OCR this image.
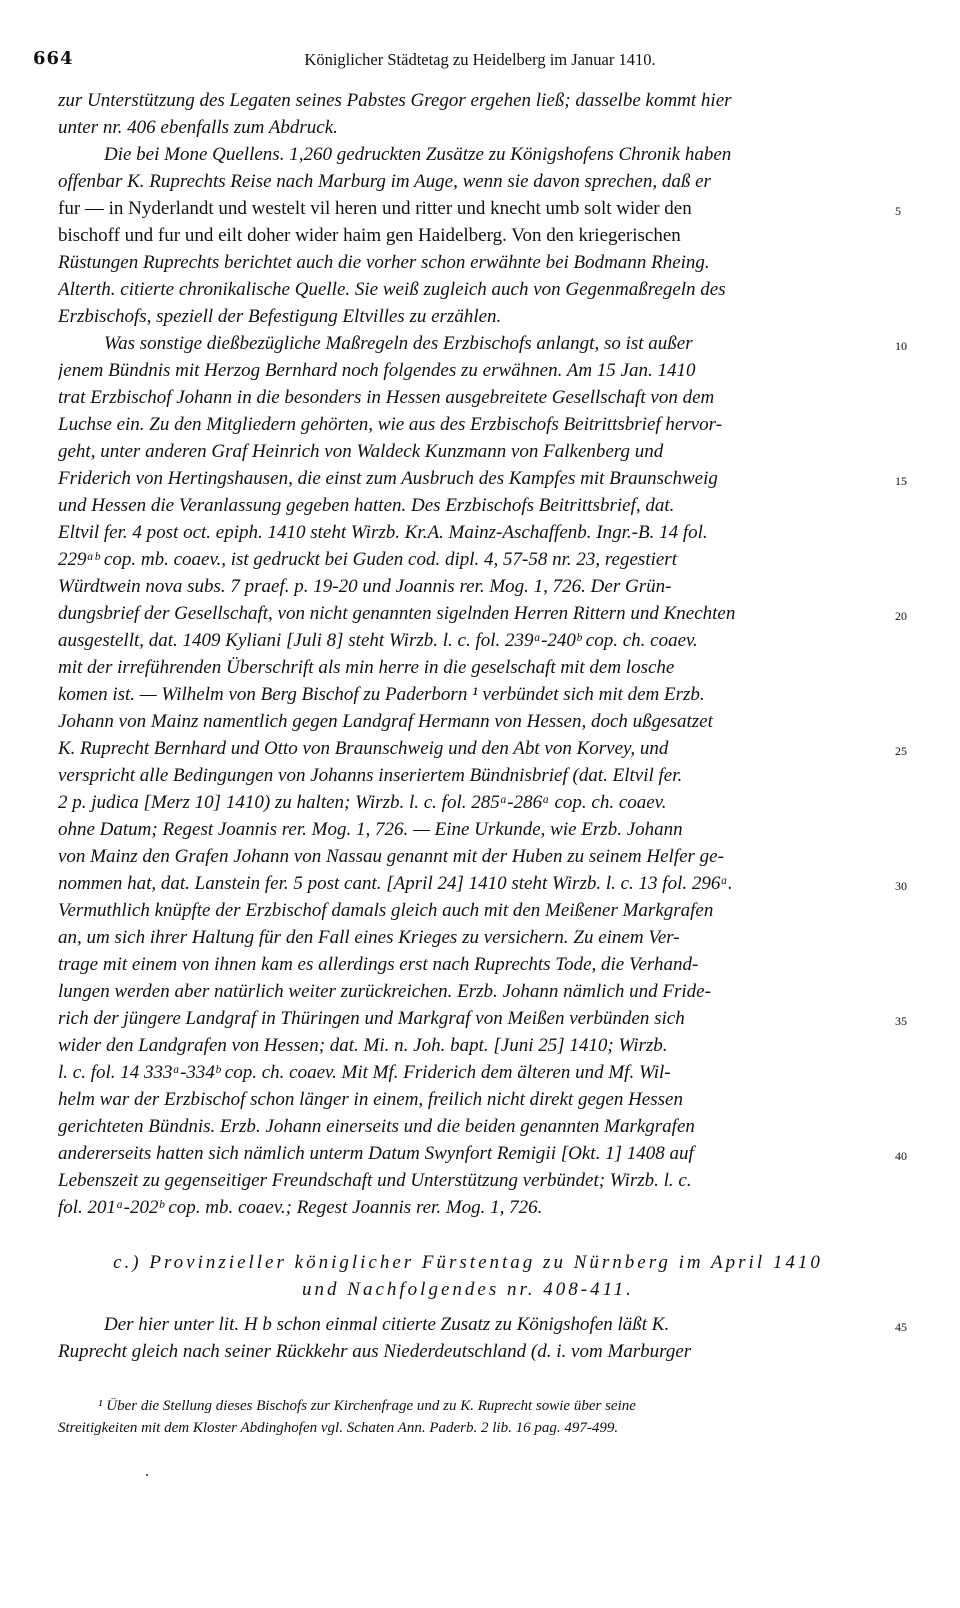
664	Königlicher Städtetag zu Heidelberg im Januar 1410.
zur Unterstützung des Legaten seines Pabstes Gregor ergehen ließ; dasselbe kommt hier
unter nr. 406 ebenfalls zum Abdruck.
Die bei Mone Quellens. 1,260 gedruckten Zusätze zu Königshofens Chronik haben
offenbar K. Ruprechts Reise nach Marburg im Auge, wenn sie davon sprechen, daß er
fur — in Nyderlandt und westelt vil heren und ritter und knecht umb solt wider den
bischoff und fur und eilt doher wider haim gen Haidelberg. Von den kriegerischen
Rüstungen Ruprechts berichtet auch die vorher schon erwähnte bei Bodmann Rheing.
Alterth. citierte chronikalische Quelle. Sie weiß zugleich auch von Gegenmaßregeln des
Erzbischofs, speziell der Befestigung Eltvilles zu erzählen.
Was sonstige dießbezügliche Maßregeln des Erzbischofs anlangt, so ist außer
jenem Bündnis mit Herzog Bernhard noch folgendes zu erwähnen. Am 15 Jan. 1410
trat Erzbischof Johann in die besonders in Hessen ausgebreitete Gesellschaft von dem
Luchse ein. Zu den Mitgliedern gehörten, wie aus des Erzbischofs Beitrittsbrief hervor-
geht, unter anderen Graf Heinrich von Waldeck Kunzmann von Falkenberg und
Friderich von Hertingshausen, die einst zum Ausbruch des Kampfes mit Braunschweig
und Hessen die Veranlassung gegeben hatten. Des Erzbischofs Beitrittsbrief, dat.
Eltvil fer. 4 post oct. epiph. 1410 steht Wirzb. Kr.A. Mainz-Aschaffenb. Ingr.-B. 14 fol.
229ᵃᵇ cop. mb. coaev., ist gedruckt bei Guden cod. dipl. 4, 57-58 nr. 23, regestiert
Würdtwein nova subs. 7 praef. p. 19-20 und Joannis rer. Mog. 1, 726. Der Grün-
dungsbrief der Gesellschaft, von nicht genannten sigelnden Herren Rittern und Knechten
ausgestellt, dat. 1409 Kyliani [Juli 8] steht Wirzb. l. c. fol. 239ᵃ-240ᵇ cop. ch. coaev.
mit der irreführenden Überschrift als min herre in die geselschaft mit dem losche
komen ist. — Wilhelm von Berg Bischof zu Paderborn ¹ verbündet sich mit dem Erzb.
Johann von Mainz namentlich gegen Landgraf Hermann von Hessen, doch ußgesatzet
K. Ruprecht Bernhard und Otto von Braunschweig und den Abt von Korvey, und
verspricht alle Bedingungen von Johanns inseriertem Bündnisbrief (dat. Eltvil fer.
2 p. judica [Merz 10] 1410) zu halten; Wirzb. l. c. fol. 285ᵃ-286ᵃ cop. ch. coaev.
ohne Datum; Regest Joannis rer. Mog. 1, 726. — Eine Urkunde, wie Erzb. Johann
von Mainz den Grafen Johann von Nassau genannt mit der Huben zu seinem Helfer ge-
nommen hat, dat. Lanstein fer. 5 post cant. [April 24] 1410 steht Wirzb. l. c. 13 fol. 296ᵃ.
Vermuthlich knüpfte der Erzbischof damals gleich auch mit den Meißener Markgrafen
an, um sich ihrer Haltung für den Fall eines Krieges zu versichern. Zu einem Ver-
trage mit einem von ihnen kam es allerdings erst nach Ruprechts Tode, die Verhand-
lungen werden aber natürlich weiter zurückreichen. Erzb. Johann nämlich und Fride-
rich der jüngere Landgraf in Thüringen und Markgraf von Meißen verbünden sich
wider den Landgrafen von Hessen; dat. Mi. n. Joh. bapt. [Juni 25] 1410; Wirzb.
l. c. fol. 14 333ᵃ-334ᵇ cop. ch. coaev. Mit Mf. Friderich dem älteren und Mf. Wil-
helm war der Erzbischof schon länger in einem, freilich nicht direkt gegen Hessen
gerichteten Bündnis. Erzb. Johann einerseits und die beiden genannten Markgrafen
andererseits hatten sich nämlich unterm Datum Swynfort Remigii [Okt. 1] 1408 auf
Lebenszeit zu gegenseitiger Freundschaft und Unterstützung verbündet; Wirzb. l. c.
fol. 201ᵃ-202ᵇ cop. mb. coaev.; Regest Joannis rer. Mog. 1, 726.
c.) Provinzieller königlicher Fürstentag zu Nürnberg im April 1410
und Nachfolgendes nr. 408-411.
Der hier unter lit. H b schon einmal citierte Zusatz zu Königshofen läßt K.
Ruprecht gleich nach seiner Rückkehr aus Niederdeutschland (d. i. vom Marburger
5
10
15
20
25
30
35
40
45
¹ Über die Stellung dieses Bischofs zur Kirchenfrage und zu K. Ruprecht sowie über seine
Streitigkeiten mit dem Kloster Abdinghofen vgl. Schaten Ann. Paderb. 2 lib. 16 pag. 497-499.
